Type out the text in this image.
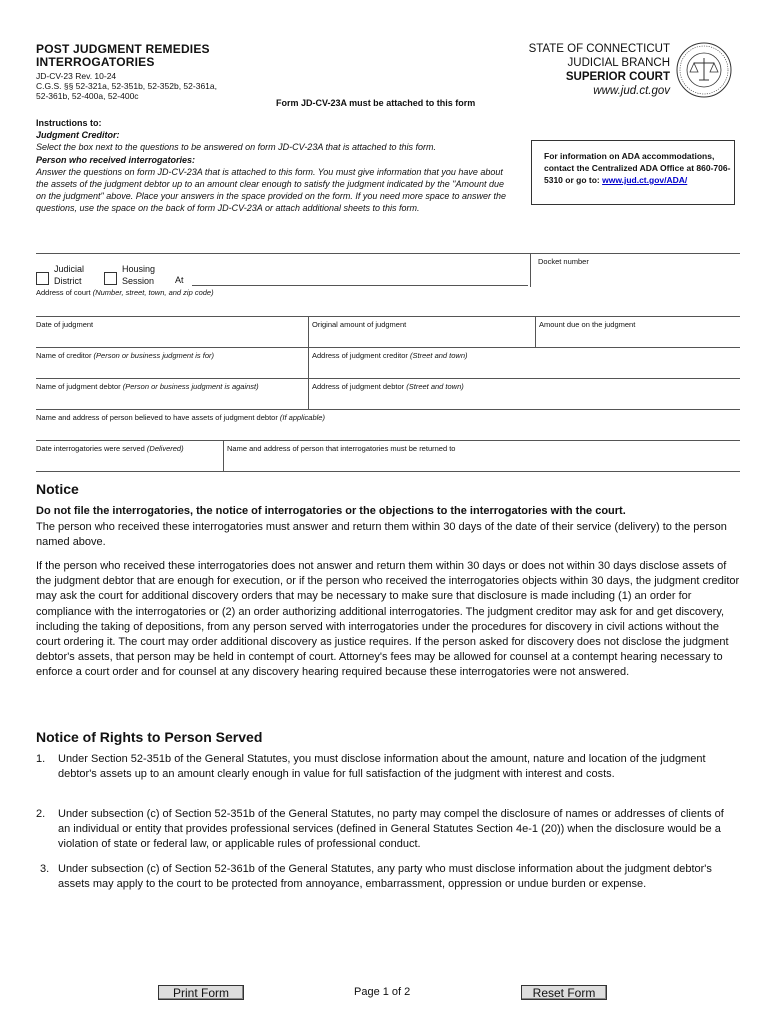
POST JUDGMENT REMEDIES
INTERROGATORIES
JD-CV-23 Rev. 10-24
C.G.S. §§ 52-321a, 52-351b, 52-352b, 52-361a,
52-361b, 52-400a, 52-400c
Form JD-CV-23A must be attached to this form
STATE OF CONNECTICUT
JUDICIAL BRANCH
SUPERIOR COURT
www.jud.ct.gov
Instructions to:
Judgment Creditor:
Select the box next to the questions to be answered on form JD-CV-23A that is attached to this form.
Person who received interrogatories:
Answer the questions on form JD-CV-23A that is attached to this form. You must give information that you have about the assets of the judgment debtor up to an amount clear enough to satisfy the judgment indicated by the "Amount due on the judgment" above. Place your answers in the space provided on the form. If you need more space to answer the questions, use the space on the back of form JD-CV-23A or attach additional sheets to this form.
For information on ADA accommodations, contact the Centralized ADA Office at 860-706-5310 or go to: www.jud.ct.gov/ADA/
Judicial
District
Housing
Session At
Docket number
Address of court (Number, street, town, and zip code)
Date of judgment	Original amount of judgment	Amount due on the judgment
Name of creditor (Person or business judgment is for)	Address of judgment creditor (Street and town)
Name of judgment debtor (Person or business judgment is against)	Address of judgment debtor (Street and town)
Name and address of person believed to have assets of judgment debtor (If applicable)
Date interrogatories were served (Delivered)	Name and address of person that interrogatories must be returned to
Notice
Do not file the interrogatories, the notice of interrogatories or the objections to the interrogatories with the court.
The person who received these interrogatories must answer and return them within 30 days of the date of their service (delivery) to the person named above.
If the person who received these interrogatories does not answer and return them within 30 days or does not within 30 days disclose assets of the judgment debtor that are enough for execution, or if the person who received the interrogatories objects within 30 days, the judgment creditor may ask the court for additional discovery orders that may be necessary to make sure that disclosure is made including (1) an order for compliance with the interrogatories or (2) an order authorizing additional interrogatories. The judgment creditor may ask for and get discovery, including the taking of depositions, from any person served with interrogatories under the procedures for discovery in civil actions without the court ordering it. The court may order additional discovery as justice requires. If the person asked for discovery does not disclose the judgment debtor's assets, that person may be held in contempt of court. Attorney's fees may be allowed for counsel at a contempt hearing necessary to enforce a court order and for counsel at any discovery hearing required because these interrogatories were not answered.
Notice of Rights to Person Served
1. Under Section 52-351b of the General Statutes, you must disclose information about the amount, nature and location of the judgment debtor's assets up to an amount clearly enough in value for full satisfaction of the judgment with interest and costs.
2. Under subsection (c) of Section 52-351b of the General Statutes, no party may compel the disclosure of names or addresses of clients of an individual or entity that provides professional services (defined in General Statutes Section 4e-1 (20)) when the disclosure would be a violation of state or federal law, or applicable rules of professional conduct.
3. Under subsection (c) of Section 52-361b of the General Statutes, any party who must disclose information about the judgment debtor's assets may apply to the court to be protected from annoyance, embarrassment, oppression or undue burden or expense.
Print Form	Page 1 of 2	Reset Form
